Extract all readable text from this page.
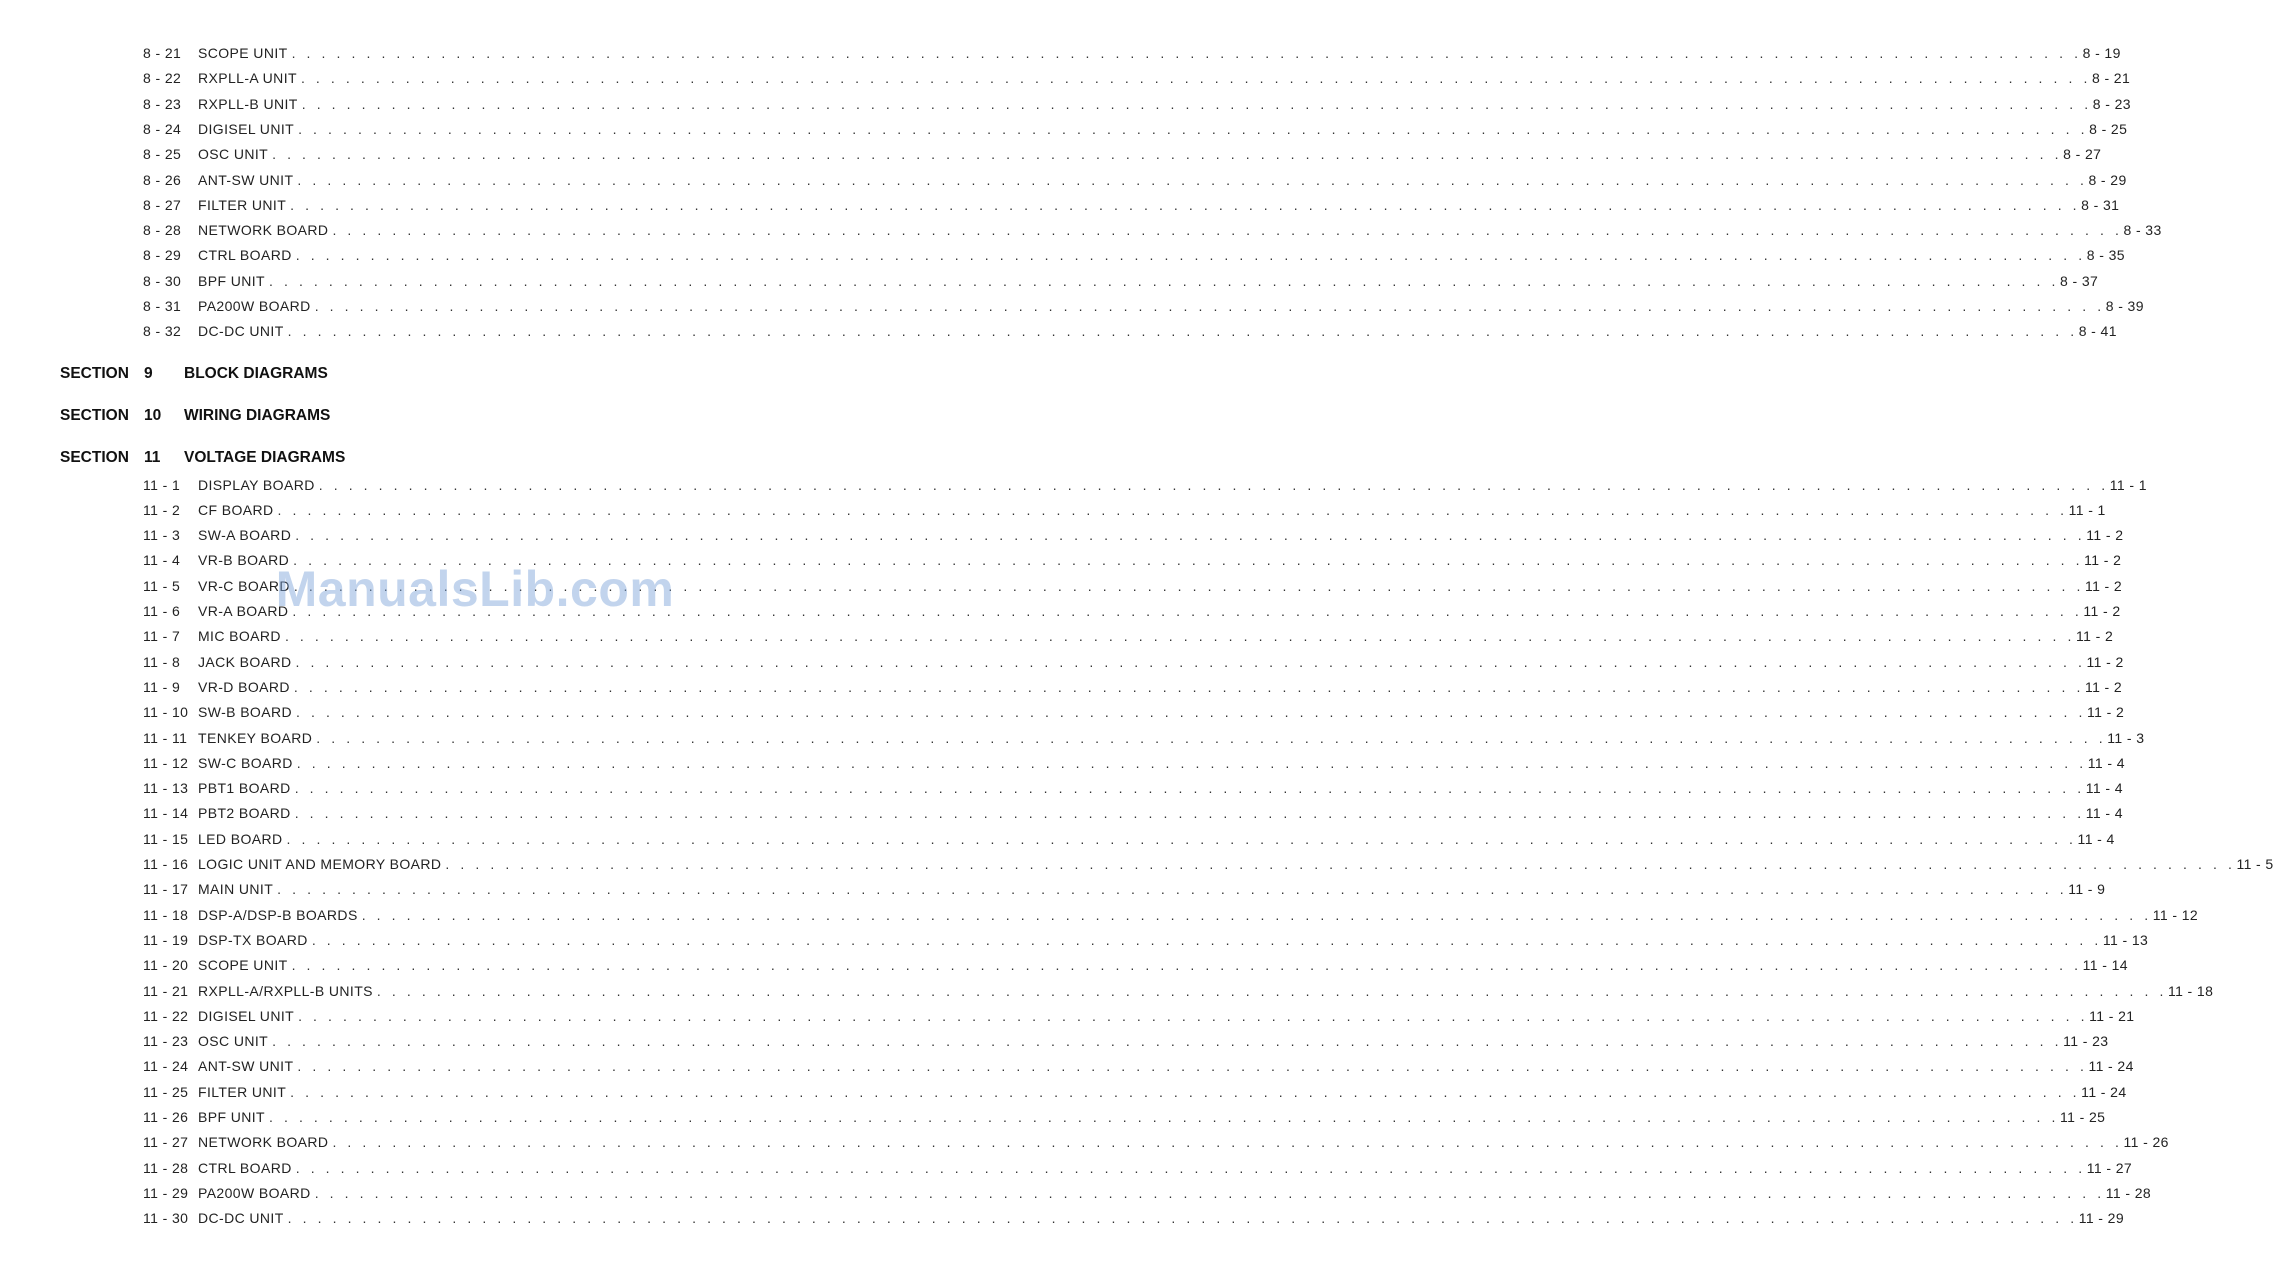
8 - 21	SCOPE UNIT . . . . . . . . . . . . . . . . . . . . . . . . . . . . . . . . . . . . . . . . . . . . . . . . . . . . . . . . . . . . . . . . . . . . . . . . . . . . . . . . . . . . . . . . . . . . . . . . . . . . . . . . . . . . . . . . . . . . . . . . 8 - 19
8 - 22	RXPLL-A UNIT . . . . . . . . . . . . . . . . . . . . . . . . . . . . . . . . . . . . . . . . . . . . . . . . . . . . . . . . . . . . . . . . . . . . . . . . . . . . . . . . . . . . . . . . . . . . . . . . . . . . . . . . . . . . . . . . . . . . . . . . 8 - 21
8 - 23	RXPLL-B UNIT . . . . . . . . . . . . . . . . . . . . . . . . . . . . . . . . . . . . . . . . . . . . . . . . . . . . . . . . . . . . . . . . . . . . . . . . . . . . . . . . . . . . . . . . . . . . . . . . . . . . . . . . . . . . . . . . . . . . . . . . 8 - 23
8 - 24	DIGISEL UNIT . . . . . . . . . . . . . . . . . . . . . . . . . . . . . . . . . . . . . . . . . . . . . . . . . . . . . . . . . . . . . . . . . . . . . . . . . . . . . . . . . . . . . . . . . . . . . . . . . . . . . . . . . . . . . . . . . . . . . . . . 8 - 25
8 - 25	OSC UNIT . . . . . . . . . . . . . . . . . . . . . . . . . . . . . . . . . . . . . . . . . . . . . . . . . . . . . . . . . . . . . . . . . . . . . . . . . . . . . . . . . . . . . . . . . . . . . . . . . . . . . . . . . . . . . . . . . . . . . . . . 8 - 27
8 - 26	ANT-SW UNIT . . . . . . . . . . . . . . . . . . . . . . . . . . . . . . . . . . . . . . . . . . . . . . . . . . . . . . . . . . . . . . . . . . . . . . . . . . . . . . . . . . . . . . . . . . . . . . . . . . . . . . . . . . . . . . . . . . . . . . . . 8 - 29
8 - 27	FILTER UNIT . . . . . . . . . . . . . . . . . . . . . . . . . . . . . . . . . . . . . . . . . . . . . . . . . . . . . . . . . . . . . . . . . . . . . . . . . . . . . . . . . . . . . . . . . . . . . . . . . . . . . . . . . . . . . . . . . . . . . . . . 8 - 31
8 - 28	NETWORK BOARD . . . . . . . . . . . . . . . . . . . . . . . . . . . . . . . . . . . . . . . . . . . . . . . . . . . . . . . . . . . . . . . . . . . . . . . . . . . . . . . . . . . . . . . . . . . . . . . . . . . . . . . . . . . . . . . . . . . . . . . . 8 - 33
8 - 29	CTRL BOARD . . . . . . . . . . . . . . . . . . . . . . . . . . . . . . . . . . . . . . . . . . . . . . . . . . . . . . . . . . . . . . . . . . . . . . . . . . . . . . . . . . . . . . . . . . . . . . . . . . . . . . . . . . . . . . . . . . . . . . . . 8 - 35
8 - 30	BPF UNIT . . . . . . . . . . . . . . . . . . . . . . . . . . . . . . . . . . . . . . . . . . . . . . . . . . . . . . . . . . . . . . . . . . . . . . . . . . . . . . . . . . . . . . . . . . . . . . . . . . . . . . . . . . . . . . . . . . . . . . . . 8 - 37
8 - 31	PA200W BOARD . . . . . . . . . . . . . . . . . . . . . . . . . . . . . . . . . . . . . . . . . . . . . . . . . . . . . . . . . . . . . . . . . . . . . . . . . . . . . . . . . . . . . . . . . . . . . . . . . . . . . . . . . . . . . . . . . . . . . . . . 8 - 39
8 - 32	DC-DC UNIT . . . . . . . . . . . . . . . . . . . . . . . . . . . . . . . . . . . . . . . . . . . . . . . . . . . . . . . . . . . . . . . . . . . . . . . . . . . . . . . . . . . . . . . . . . . . . . . . . . . . . . . . . . . . . . . . . . . . . . . . 8 - 41
SECTION 9	BLOCK DIAGRAMS
SECTION 10	WIRING DIAGRAMS
SECTION 11	VOLTAGE DIAGRAMS
11 - 1	DISPLAY BOARD . . . . . . . . . . . . . . . . . . . . . . . . . . . . . . . . . . . . . . . . . . . . . . . . . . . . . . . . . . . . . . . . . . . . . . . . . . . . . . . . . . . . . . . . . . . . . . . . . . . . . . . . . . . . . . . . . . . . . . . . 11 - 1
11 - 2	CF BOARD . . . . . . . . . . . . . . . . . . . . . . . . . . . . . . . . . . . . . . . . . . . . . . . . . . . . . . . . . . . . . . . . . . . . . . . . . . . . . . . . . . . . . . . . . . . . . . . . . . . . . . . . . . . . . . . . . . . . . . . . 11 - 1
11 - 3	SW-A BOARD . . . . . . . . . . . . . . . . . . . . . . . . . . . . . . . . . . . . . . . . . . . . . . . . . . . . . . . . . . . . . . . . . . . . . . . . . . . . . . . . . . . . . . . . . . . . . . . . . . . . . . . . . . . . . . . . . . . . . . . . 11 - 2
11 - 4	VR-B BOARD . . . . . . . . . . . . . . . . . . . . . . . . . . . . . . . . . . . . . . . . . . . . . . . . . . . . . . . . . . . . . . . . . . . . . . . . . . . . . . . . . . . . . . . . . . . . . . . . . . . . . . . . . . . . . . . . . . . . . . . . 11 - 2
11 - 5	VR-C BOARD . . . . . . . . . . . . . . . . . . . . . . . . . . . . . . . . . . . . . . . . . . . . . . . . . . . . . . . . . . . . . . . . . . . . . . . . . . . . . . . . . . . . . . . . . . . . . . . . . . . . . . . . . . . . . . . . . . . . . . . . 11 - 2
11 - 6	VR-A BOARD . . . . . . . . . . . . . . . . . . . . . . . . . . . . . . . . . . . . . . . . . . . . . . . . . . . . . . . . . . . . . . . . . . . . . . . . . . . . . . . . . . . . . . . . . . . . . . . . . . . . . . . . . . . . . . . . . . . . . . . . 11 - 2
11 - 7	MIC BOARD . . . . . . . . . . . . . . . . . . . . . . . . . . . . . . . . . . . . . . . . . . . . . . . . . . . . . . . . . . . . . . . . . . . . . . . . . . . . . . . . . . . . . . . . . . . . . . . . . . . . . . . . . . . . . . . . . . . . . . . . 11 - 2
11 - 8	JACK BOARD . . . . . . . . . . . . . . . . . . . . . . . . . . . . . . . . . . . . . . . . . . . . . . . . . . . . . . . . . . . . . . . . . . . . . . . . . . . . . . . . . . . . . . . . . . . . . . . . . . . . . . . . . . . . . . . . . . . . . . . . 11 - 2
11 - 9	VR-D BOARD . . . . . . . . . . . . . . . . . . . . . . . . . . . . . . . . . . . . . . . . . . . . . . . . . . . . . . . . . . . . . . . . . . . . . . . . . . . . . . . . . . . . . . . . . . . . . . . . . . . . . . . . . . . . . . . . . . . . . . . . 11 - 2
11 - 10 SW-B BOARD . . . . . . . . . . . . . . . . . . . . . . . . . . . . . . . . . . . . . . . . . . . . . . . . . . . . . . . . . . . . . . . . . . . . . . . . . . . . . . . . . . . . . . . . . . . . . . . . . . . . . . . . . . . . . . . . . . . . . . . . 11 - 2
11 - 11 TENKEY BOARD . . . . . . . . . . . . . . . . . . . . . . . . . . . . . . . . . . . . . . . . . . . . . . . . . . . . . . . . . . . . . . . . . . . . . . . . . . . . . . . . . . . . . . . . . . . . . . . . . . . . . . . . . . . . . . . . . . . . . . . . 11 - 3
11 - 12 SW-C BOARD . . . . . . . . . . . . . . . . . . . . . . . . . . . . . . . . . . . . . . . . . . . . . . . . . . . . . . . . . . . . . . . . . . . . . . . . . . . . . . . . . . . . . . . . . . . . . . . . . . . . . . . . . . . . . . . . . . . . . . . . 11 - 4
11 - 13 PBT1 BOARD . . . . . . . . . . . . . . . . . . . . . . . . . . . . . . . . . . . . . . . . . . . . . . . . . . . . . . . . . . . . . . . . . . . . . . . . . . . . . . . . . . . . . . . . . . . . . . . . . . . . . . . . . . . . . . . . . . . . . . . . 11 - 4
11 - 14 PBT2 BOARD . . . . . . . . . . . . . . . . . . . . . . . . . . . . . . . . . . . . . . . . . . . . . . . . . . . . . . . . . . . . . . . . . . . . . . . . . . . . . . . . . . . . . . . . . . . . . . . . . . . . . . . . . . . . . . . . . . . . . . . . 11 - 4
11 - 15 LED BOARD . . . . . . . . . . . . . . . . . . . . . . . . . . . . . . . . . . . . . . . . . . . . . . . . . . . . . . . . . . . . . . . . . . . . . . . . . . . . . . . . . . . . . . . . . . . . . . . . . . . . . . . . . . . . . . . . . . . . . . . . 11 - 4
11 - 16 LOGIC UNIT AND MEMORY BOARD . . . . . . . . . . . . . . . . . . . . . . . . . . . . . . . . . . . . . . . . . . . . . . . . . . . . . . . . . . . . . . . . . . . . . . . . . . . . . . . . . . . . . . . . . . . . . . . . . . . . . . . . . . . . . . . . . . . . . . . . 11 - 5
11 - 17 MAIN UNIT . . . . . . . . . . . . . . . . . . . . . . . . . . . . . . . . . . . . . . . . . . . . . . . . . . . . . . . . . . . . . . . . . . . . . . . . . . . . . . . . . . . . . . . . . . . . . . . . . . . . . . . . . . . . . . . . . . . . . . . . 11 - 9
11 - 18 DSP-A/DSP-B BOARDS . . . . . . . . . . . . . . . . . . . . . . . . . . . . . . . . . . . . . . . . . . . . . . . . . . . . . . . . . . . . . . . . . . . . . . . . . . . . . . . . . . . . . . . . . . . . . . . . . . . . . . . . . . . . . . . . . . . . . . . . 11 - 12
11 - 19 DSP-TX BOARD . . . . . . . . . . . . . . . . . . . . . . . . . . . . . . . . . . . . . . . . . . . . . . . . . . . . . . . . . . . . . . . . . . . . . . . . . . . . . . . . . . . . . . . . . . . . . . . . . . . . . . . . . . . . . . . . . . . . . . . . 11 - 13
11 - 20 SCOPE UNIT . . . . . . . . . . . . . . . . . . . . . . . . . . . . . . . . . . . . . . . . . . . . . . . . . . . . . . . . . . . . . . . . . . . . . . . . . . . . . . . . . . . . . . . . . . . . . . . . . . . . . . . . . . . . . . . . . . . . . . . . 11 - 14
11 - 21 RXPLL-A/RXPLL-B UNITS . . . . . . . . . . . . . . . . . . . . . . . . . . . . . . . . . . . . . . . . . . . . . . . . . . . . . . . . . . . . . . . . . . . . . . . . . . . . . . . . . . . . . . . . . . . . . . . . . . . . . . . . . . . . . . . . . . . . . . . . 11 - 18
11 - 22 DIGISEL UNIT . . . . . . . . . . . . . . . . . . . . . . . . . . . . . . . . . . . . . . . . . . . . . . . . . . . . . . . . . . . . . . . . . . . . . . . . . . . . . . . . . . . . . . . . . . . . . . . . . . . . . . . . . . . . . . . . . . . . . . . . 11 - 21
11 - 23 OSC UNIT . . . . . . . . . . . . . . . . . . . . . . . . . . . . . . . . . . . . . . . . . . . . . . . . . . . . . . . . . . . . . . . . . . . . . . . . . . . . . . . . . . . . . . . . . . . . . . . . . . . . . . . . . . . . . . . . . . . . . . . . 11 - 23
11 - 24 ANT-SW UNIT . . . . . . . . . . . . . . . . . . . . . . . . . . . . . . . . . . . . . . . . . . . . . . . . . . . . . . . . . . . . . . . . . . . . . . . . . . . . . . . . . . . . . . . . . . . . . . . . . . . . . . . . . . . . . . . . . . . . . . . . 11 - 24
11 - 25 FILTER UNIT . . . . . . . . . . . . . . . . . . . . . . . . . . . . . . . . . . . . . . . . . . . . . . . . . . . . . . . . . . . . . . . . . . . . . . . . . . . . . . . . . . . . . . . . . . . . . . . . . . . . . . . . . . . . . . . . . . . . . . . . 11 - 24
11 - 26 BPF UNIT . . . . . . . . . . . . . . . . . . . . . . . . . . . . . . . . . . . . . . . . . . . . . . . . . . . . . . . . . . . . . . . . . . . . . . . . . . . . . . . . . . . . . . . . . . . . . . . . . . . . . . . . . . . . . . . . . . . . . . . . 11 - 25
11 - 27 NETWORK BOARD . . . . . . . . . . . . . . . . . . . . . . . . . . . . . . . . . . . . . . . . . . . . . . . . . . . . . . . . . . . . . . . . . . . . . . . . . . . . . . . . . . . . . . . . . . . . . . . . . . . . . . . . . . . . . . . . . . . . . . . . 11 - 26
11 - 28 CTRL BOARD . . . . . . . . . . . . . . . . . . . . . . . . . . . . . . . . . . . . . . . . . . . . . . . . . . . . . . . . . . . . . . . . . . . . . . . . . . . . . . . . . . . . . . . . . . . . . . . . . . . . . . . . . . . . . . . . . . . . . . . . 11 - 27
11 - 29 PA200W BOARD . . . . . . . . . . . . . . . . . . . . . . . . . . . . . . . . . . . . . . . . . . . . . . . . . . . . . . . . . . . . . . . . . . . . . . . . . . . . . . . . . . . . . . . . . . . . . . . . . . . . . . . . . . . . . . . . . . . . . . . . 11 - 28
11 - 30 DC-DC UNIT . . . . . . . . . . . . . . . . . . . . . . . . . . . . . . . . . . . . . . . . . . . . . . . . . . . . . . . . . . . . . . . . . . . . . . . . . . . . . . . . . . . . . . . . . . . . . . . . . . . . . . . . . . . . . . . . . . . . . . . . 11 - 29
ManualsLib.com
